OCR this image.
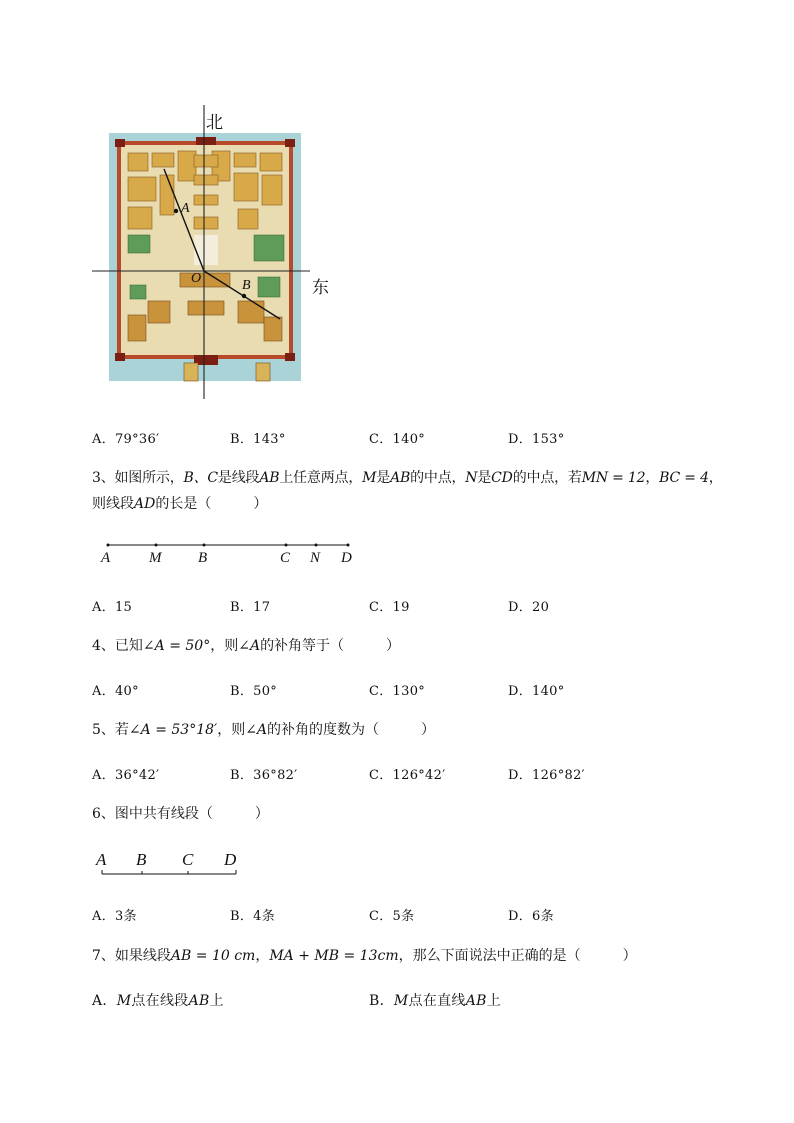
北
东
A
O	B
A．79°36′	B．143°	C．140°	D．153°
3、如图所示，B、C是线段AB上任意两点，M是AB的中点，N是CD的中点，若MN = 12，BC = 4，
则线段AD的长是（　　　）
A	M B	C N D
A．15	B．17	C．19	D．20
4、已知∠A = 50°，则∠A的补角等于（　　　）
A．40°	B．50°	C．130°	D．140°
5、若∠A = 53°18′，则∠A的补角的度数为（　　　）
A．36°42′	B．36°82′	C．126°42′	D．126°82′
6、图中共有线段（　　　）
A B C D
A．3条	B．4条	C．5条	D．6条
7、如果线段AB = 10 cm，MA + MB = 13cm，那么下面说法中正确的是（　　　）
A．M点在线段AB上	B．M点在直线AB上
